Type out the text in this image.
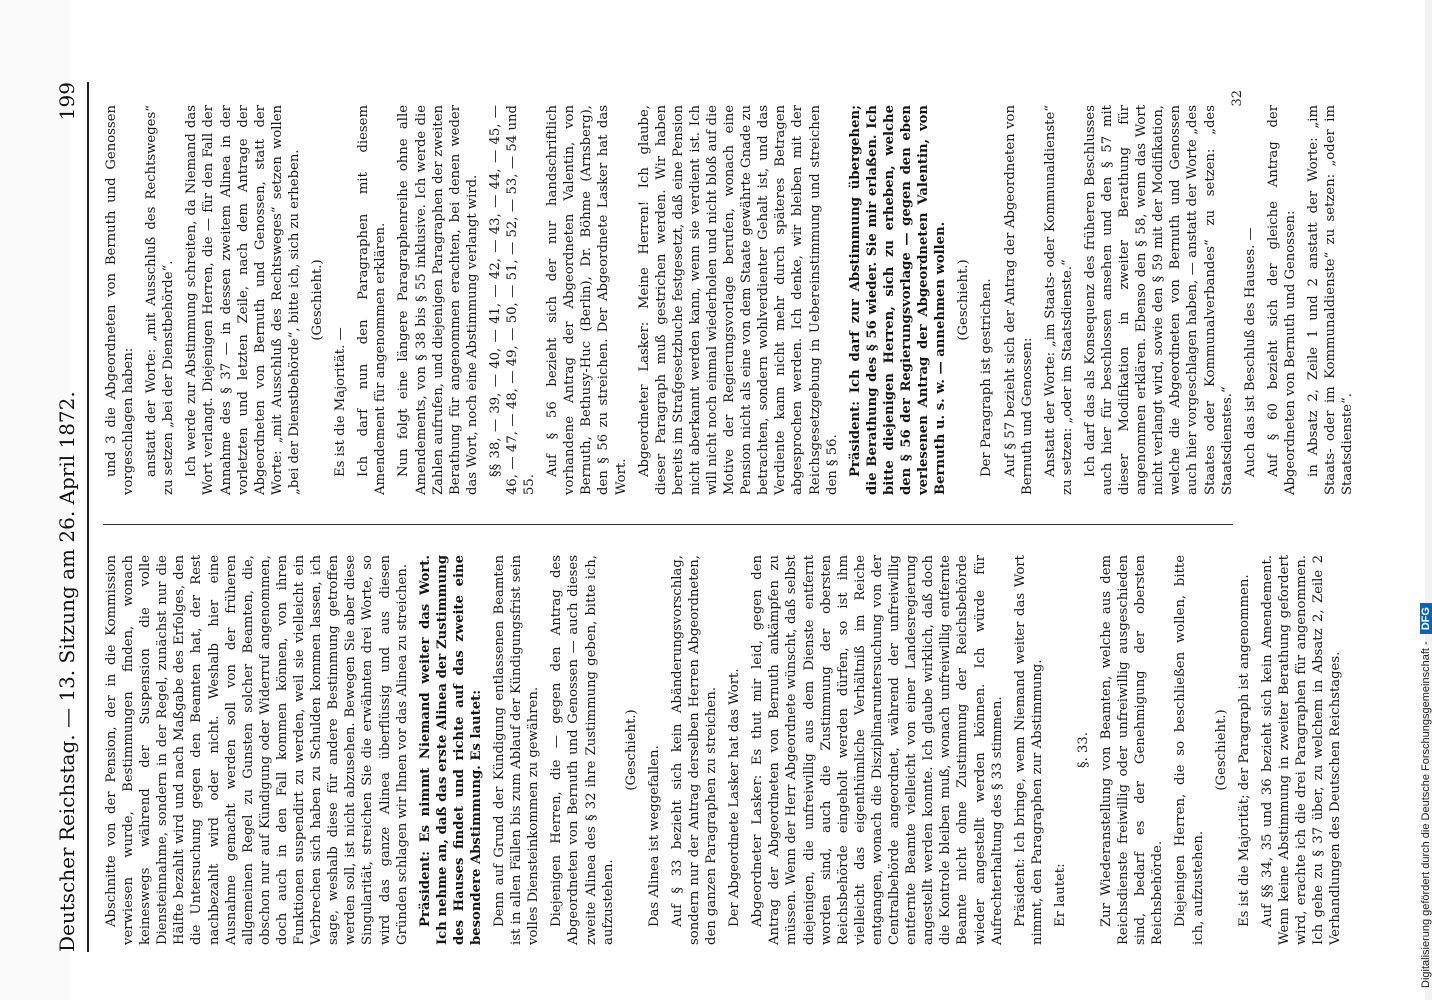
Deutscher Reichstag. — 13. Sitzung am 26. April 1872.
199

Abschnitte von der Pension, der in die Kommission verwiesen wurde, Bestimmungen finden, wonach keineswegs während der Suspension die volle Diensteinnahme, sondern in der Regel, zunächst nur die Hälfte bezahlt wird und nach Maßgabe des Erfolges, den die Untersuchung gegen den Beamten hat, der Rest nachbezahlt wird oder nicht. Weshalb hier eine Ausnahme gemacht werden soll von der früheren allgemeinen Regel zu Gunsten solcher Beamten, die, obschon nur auf Kündigung oder Widerruf angenommen, doch auch in den Fall kommen können, von ihren Funktionen suspendirt zu werden, weil sie vielleicht ein Verbrechen sich haben zu Schulden kommen lassen, ich sage, weshalb diese für andere Bestimmung getroffen werden soll, ist nicht abzusehen. Bewegen Sie aber diese Singularität, streichen Sie die erwähnten drei Worte, so wird das ganze Alinea überflüssig und aus diesen Gründen schlagen wir Ihnen vor das Alinea zu streichen. Präsident: Es nimmt Niemand weiter das Wort. Ich nehme an, daß das erste Alinea der Zustimmung des Hauses findet und richte auf das zweite eine besondere Abstimmung. Es lautet: Denn auf Grund der Kündigung entlassenen Beamten ist in allen Fällen bis zum Ablauf der Kündigungsfrist sein volles Diensteinkommen zu gewähren. Diejenigen Herren, die — gegen den Antrag des Abgeordneten von Bernuth und Genossen — auch dieses zweite Alinea des § 32 ihre Zustimmung geben, bitte ich, aufzustehen.

(Geschieht.) Das Alinea ist weggefallen. Auf § 33 bezieht sich kein Abänderungsvorschlag, sondern nur der Antrag derselben Herren Abgeordneten, den ganzen Paragraphen zu streichen. Der Abgeordnete Lasker hat das Wort. Abgeordneter Lasker: Es thut mir leid, gegen den Antrag der Abgeordneten von Bernuth ankämpfen zu müssen. Wenn der Herr Abgeordnete wünscht, daß selbst diejenigen, die unfreiwillig aus dem Dienste entfernt worden sind, auch die Zustimmung der obersten Reichsbehörde eingeholt werden dürfen, so ist ihm vielleicht das eigenthümliche Verhältniß im Reiche entgangen, wonach die Disziplinaruntersuchung von der Centralbehörde angeordnet, während der unfreiwillig entfernte Beamte vielleicht von einer Landesregierung angestellt werden konnte. Ich glaube wirklich, daß doch die Kontrole bleiben muß, wonach unfreiwillig entfernte Beamte nicht ohne Zustimmung der Reichsbehörde wieder angestellt werden können. Ich würde für Aufrechterhaltung des § 33 stimmen. Präsident: Ich bringe, wenn Niemand weiter das Wort nimmt, den Paragraphen zur Abstimmung. Er lautet:

§. 33. Zur Wiederanstellung von Beamten, welche aus dem Reichsdienste freiwillig oder unfreiwillig ausgeschieden sind, bedarf es der Genehmigung der obersten Reichsbehörde. Diejenigen Herren, die so beschließen wollen, bitte ich, aufzustehen.

(Geschieht.) Es ist die Majorität; der Paragraph ist angenommen. Auf §§ 34, 35 und 36 bezieht sich kein Amendement. Wenn keine Abstimmung in zweiter Berathung gefordert wird, erachte ich die drei Paragraphen für angenommen. Ich gehe zu § 37 über, zu welchem in Absatz 2, Zeile 2 Verhandlungen des Deutschen Reichstages.

und 3 die Abgeordneten von Bernuth und Genossen vorgeschlagen haben: anstatt der Worte: „mit Ausschluß des Rechtsweges“ zu setzen „bei der Dienstbehörde“. Ich werde zur Abstimmung schreiten, da Niemand das Wort verlangt. Diejenigen Herren, die — für den Fall der Annahme des § 37 — in dessen zweitem Alinea in der vorletzten und letzten Zeile, nach dem Antrage der Abgeordneten von Bernuth und Genossen, statt der Worte: „mit Ausschluß des Rechtsweges“ setzen wollen „bei der Dienstbehörde“, bitte ich, sich zu erheben. (Geschieht.)

Es ist die Majorität. — Ich darf nun den Paragraphen mit diesem Amendement für angenommen erklären. Nun folgt eine längere Paragraphenreihe ohne alle Amendements, von § 38 bis § 55 inklusive. Ich werde die Zahlen aufrufen, und diejenigen Paragraphen der zweiten Berathung für angenommen erachten, bei denen weder das Wort, noch eine Abstimmung verlangt wird. §§ 38, — 39, — 40, — 41, — 42, — 43, — 44, — 45, — 46, — 47, — 48, — 49, — 50, — 51, — 52, — 53, — 54 und 55.

Auf § 56 bezieht sich der nur handschriftlich vorhandene Antrag der Abgeordneten Valentin, von Bernuth, Bethusy-Huc (Berlin), Dr. Böhme (Arnsberg), den § 56 zu streichen. Der Abgeordnete Lasker hat das Wort. Abgeordneter Lasker: Meine Herren! Ich glaube, dieser Paragraph muß gestrichen werden. Wir haben bereits im Strafgesetzbuche festgesetzt, daß eine Pension nicht aberkannt werden kann, wenn sie verdient ist. Ich will nicht noch einmal wiederholen und nicht bloß auf die Motive der Regierungsvorlage berufen, wonach eine Pension nicht als eine von dem Staate gewährte Gnade zu betrachten, sondern wohlverdienter Gehalt ist, und das Verdiente kann nicht mehr durch späteres Betragen abgesprochen werden. Ich denke, wir bleiben mit der Reichsgesetzgebung in Uebereinstimmung und streichen den § 56. Präsident: Ich darf zur Abstimmung übergehen; die Berathung des § 56 wieder. Sie mir erlaßen. Ich bitte diejenigen Herren, sich zu erheben, welche den § 56 der Regierungsvorlage — gegen den eben verlesenen Antrag der Abgeordneten Valentin, von Bernuth u. s. w. — annehmen wollen. (Geschieht.) Der Paragraph ist gestrichen. Auf § 57 bezieht sich der Antrag der Abgeordneten von Bernuth und Genossen: Anstatt der Worte: „im Staats- oder Kommunaldienste“ zu setzen: „oder im Staatsdienste.“ Ich darf das als Konsequenz des früheren Beschlusses auch hier für beschlossen ansehen und den § 57 mit dieser Modifikation in zweiter Berathung für angenommen erklären. Ebenso den § 58, wenn das Wort nicht verlangt wird, sowie den § 59 mit der Modifikation, welche die Abgeordneten von Bernuth und Genossen auch hier vorgeschlagen haben, — anstatt der Worte „des Staates oder Kommunalverbandes“ zu setzen: „des Staatsdienstes.“ Auch das ist Beschluß des Hauses. — Auf § 60 bezieht sich der gleiche Antrag der Abgeordneten von Bernuth und Genossen: in Absatz 2, Zeile 1 und 2 anstatt der Worte: „im Staats- oder im Kommunaldienste“ zu setzen: „oder im Staatsdienste“.

32
Digitalisierung gefördert durch die Deutsche Forschungsgemeinschaft - DFG
